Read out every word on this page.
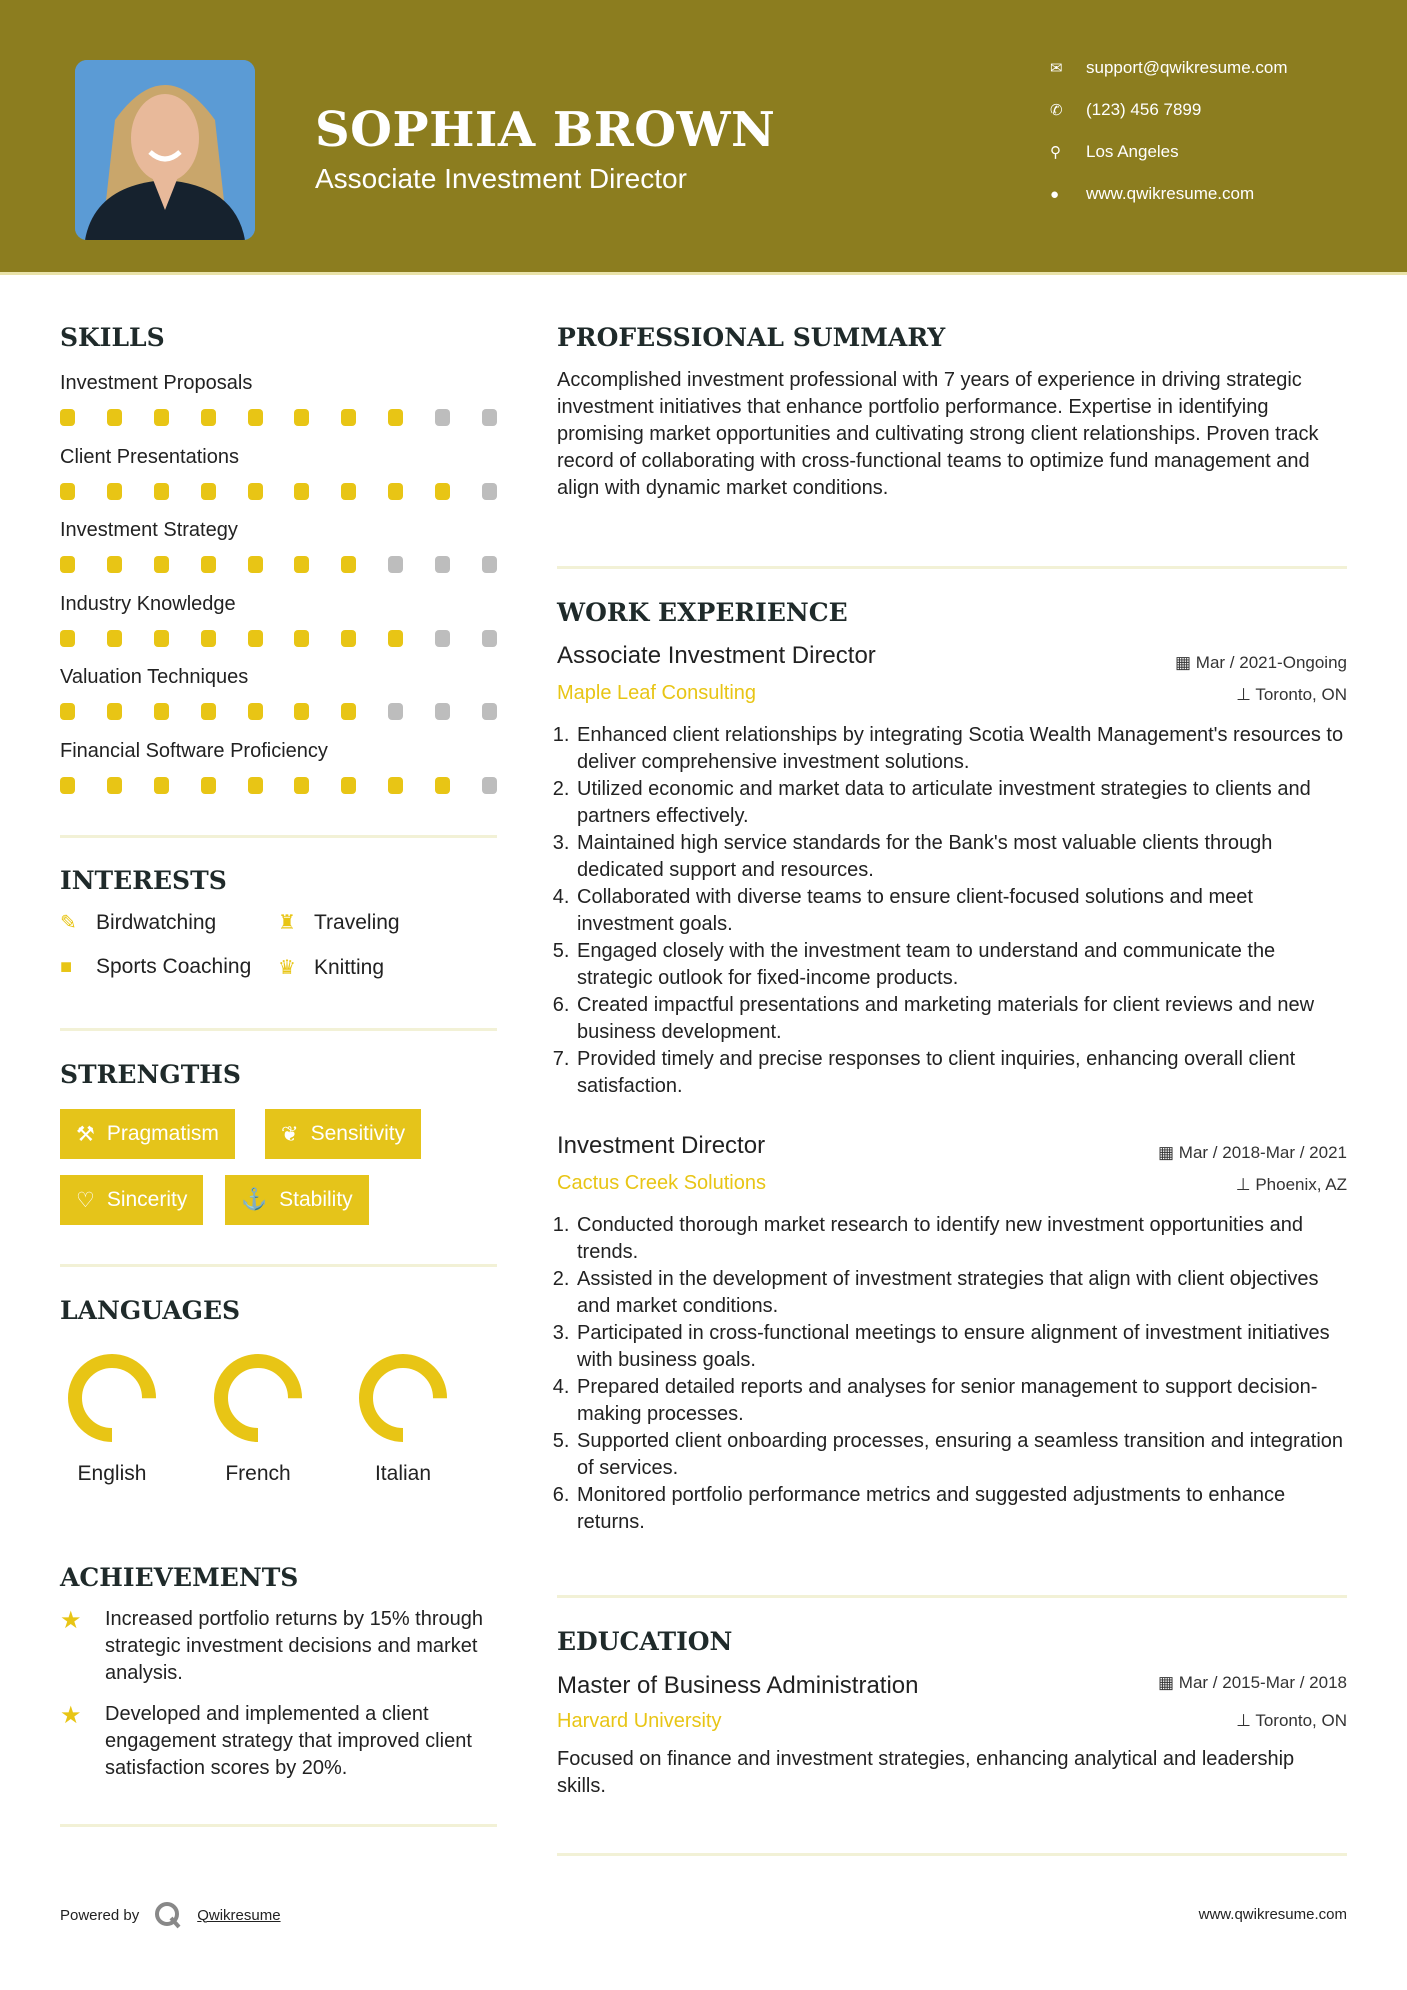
SOPHIA BROWN
Associate Investment Director
✉	support@qwikresume.com
✆	(123) 456 7899
⚲	Los Angeles
●	www.qwikresume.com
SKILLS
Investment Proposals
Client Presentations
Investment Strategy
Industry Knowledge
Valuation Techniques
Financial Software Proficiency
INTERESTS
✎ Birdwatching	♜ Traveling
■	Sports Coaching ♛ Knitting
STRENGTHS
⚒ Pragmatism	❦ Sensitivity
♡ Sincerity	⚓ Stability
LANGUAGES
English	French	Italian
ACHIEVEMENTS
★	Increased portfolio returns by 15% through strategic investment decisions and market analysis.
★	Developed and implemented a client engagement strategy that improved client satisfaction scores by 20%.
PROFESSIONAL SUMMARY
Accomplished investment professional with 7 years of experience in driving strategic investment initiatives that enhance portfolio performance. Expertise in identifying promising market opportunities and cultivating strong client relationships. Proven track record of collaborating with cross-functional teams to optimize fund management and align with dynamic market conditions.
WORK EXPERIENCE
Associate Investment Director	▦ Mar / 2021-Ongoing
Maple Leaf Consulting	⊥ Toronto, ON
1. Enhanced client relationships by integrating Scotia Wealth Management's resources to deliver comprehensive investment solutions.
2. Utilized economic and market data to articulate investment strategies to clients and partners effectively.
3. Maintained high service standards for the Bank's most valuable clients through dedicated support and resources.
4. Collaborated with diverse teams to ensure client-focused solutions and meet investment goals.
5. Engaged closely with the investment team to understand and communicate the strategic outlook for fixed-income products.
6. Created impactful presentations and marketing materials for client reviews and new business development.
7. Provided timely and precise responses to client inquiries, enhancing overall client satisfaction.
Investment Director	▦ Mar / 2018-Mar / 2021
Cactus Creek Solutions	⊥ Phoenix, AZ
1. Conducted thorough market research to identify new investment opportunities and trends.
2. Assisted in the development of investment strategies that align with client objectives and market conditions.
3. Participated in cross-functional meetings to ensure alignment of investment initiatives with business goals.
4. Prepared detailed reports and analyses for senior management to support decision-making processes.
5. Supported client onboarding processes, ensuring a seamless transition and integration of services.
6. Monitored portfolio performance metrics and suggested adjustments to enhance returns.
EDUCATION
Master of Business Administration	▦ Mar / 2015-Mar / 2018
Harvard University	⊥ Toronto, ON
Focused on finance and investment strategies, enhancing analytical and leadership skills.
Powered by	Qwikresume	www.qwikresume.com
